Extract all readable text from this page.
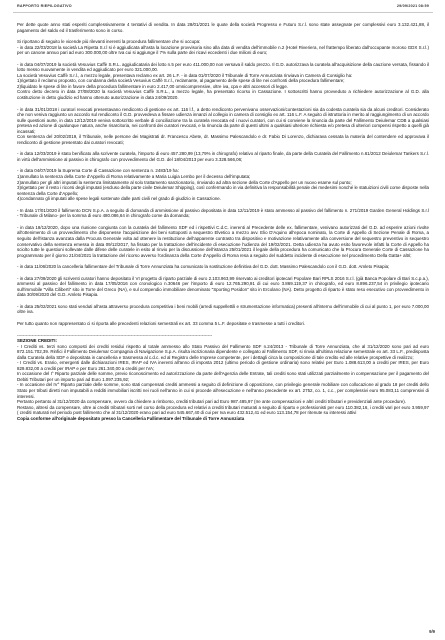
RAPPORTO RIEPILOGATIVO	29/09/2021 08:59
Per dette quote anno stati esperiti complessivamente 4 tentativi di vendita. In data 28/01/2021 le quote della società Progresso e Futuro S.r.l. sono state assegnate per complessivi euro 3.132.421,88, il pagamento del saldo ed il trasferimento sono in corso.
Si riportano di seguito le vicende più rilevanti inerenti la procedura fallimentare che si occupa:
- in data 22/03/2018 la società La Ripetta S.r.l si è aggiudicata all'asta la locazione provvisoria sino alla data di vendita dell'immobile n.2 (Hotel Riveriera, nel frattempo liberato dall'occupante moroso GDX S.r.l.) per un canone annuo pari ad euro 300.000,00 oltre Iva cui si aggiunge il 7% sulla parte dei ricavi eccedenti i due milioni di euro;
- in data 04/07/2019 la società Vesuvius Caffè S.R.L. aggiudicataria dei lotto n.5 per euro 411.000,00 non versava il saldo prezzo. Il G.D. autorizzava la curatela all'acquisizione della cauzione versata, fissando il lotto messo nuovamente in vendita ed aggiudicato per euro 321.000,00.
La società Vesuvius Caffè S.r.l., a mezzo legale, presentava reclamo ex art. 26 L.F. - in data 01/07/2020 il Tribunale di Torre Annunziata rinviava in Camera di Consiglio ha:
1)rigettato il reclamo proposto, con condanna della società Vesuvius Caffè S.r.l., reclamante, al pagamento delle spese di lite nei confronti della procedura fallimentare;
2)liquidato le spese di lite in favore della procedura fallimentare in euro 2.417,00 omnicomprensive, oltre iva, cpa e altri accessori di legge.
Contro detto decreto in data 27/08/2020 la società Vesuvius Caffè S.R.L., a mezzo legale, ha presentato ricorso in Cassazione. I sottoscritti hanno provveduto a richiedere autorizzazione al G.D. alla costituzione in detto giudizio ed hanno ottenuto autorizzazione in data 24/09/2020.
- in data 31/01/2018 i curatori revocati presentavano rendiconto di gestione ex art. 116 l.f., a detto rendiconto pervenivano osservazioni/contestazioni sia da codesta curatela sia da alcuni creditori. Considerato che non veniva raggiunto un accordo sul rendiconto il G.D. provvedeva a fissare udienza innanzi al collegio in camera di consiglio ex art. 116 L.F. A seguito di istruttoria in merito al raggiungimento di un accordo sulle questioni aurte, in data 12/12/2019 veniva sottoscritto verbale di conciliazione tra la curatela revocata ed i nuovi curatori, con cui si conviene la rinuncia da parte del Fallimento Deiulemar CDB a qualsiasi pretesa ed azione di qualunque natura, anche risarcitoria, nei confronti dei curatori revocati, e la rinuncia da parte di questi ultimi a qualsiasi ulteriore richiesta e/o pretesa di ulteriori compensi rispetto a quelli già incassati;
Con sentenza del 20/02/2019, il Tribunale, nelle persone dei Magistrati dr. Francesco Abete, dr. Massimo Palescandolo e dr. Fabio Di Lorenzo, dichiarava cessata la materia del contendere ed approvava il rendiconto di gestione presentato dai curatori revocati;
- in data 12/03/2019 è stato benificato alla scrivente curatela, l'importo di euro 457.280,99 (13,79% in chirografo) relativo al riparto finale, da parte della Curatela del Fallimento n.61/2012 Deiulemar Tankers S.r.l. in virtù dell'ammissione al passivo in chirografo con provvedimento del G.D. del 18/04/2013 per euro 3.328.566,06;
- in data 04/07/2019 la Suprema Corte di Cassazione con sentenza n. 2483/19 ha:
1)annullato la sentenza della Corte d'Appello di Roma relativamente a Maria Luigia Lembo per il decesso dell'imputata;
2)annullato per gli altri imputati la sentenza limitatamente al solo trattamento sanzionatorio, rinviando ad altra sezione della Corte d'Appello per un nuovo esame sul punto;
3)rigettato per il resto i ricorsi degli imputati (escluso della parte civile Deiulemar Shipping), così confermando in via definitiva la responsabilità penale dei medesimi nonché le statuizioni civili come disposte nella sentenza della Corte d'Appello;
4)condannato gli imputati alle spese legali sostenute dalle parti civili nel grado di giudizio in Cassazione.
- In data 17/01/2020 il fallimento DCN S.p.A. a seguito di domanda di ammissione al passivo depositata in data 12/11/2019 è stato ammesso al passivo del fallimento n. 271/2019 Garden General Holdings S.r.l - Tribunale di Milano- per la somma di euro 480.086,64 in chirografo come da domanda;
- in data 18/12/2020, dopo una riunione congiunta con la curatela del fallimento SDF ed i rispettivi C.d.C. inerenti al Precedente delle ex. fallimentare, venivano autorizzati del G.D. ad esperire azioni rivolte all'ottenimento di un provvedimento che disponesse l'acquisizione dei beni sottoposti a sequestro Elvetico a mezzo avv. Elio D'Aquino all'epoca nominato, la Corte di Appello di Sezione Penale di Roma, a seguito dell'istanza avanzata dalla Procura Generale volta ad ottenere la restituzione dell'apparente contrasto tra dispositivo e motivazione relativamente alla conversione del sequestro preventivo in sequestro conservativo della sentenza emessa in data 09/12/2017, ha fissato per la trattazione dell'incidente di esecuzione l'udienza del 19/02/2021. Detta udienza ha avuto esito favorevole infatti la Corte di Appello ha sciolto tutte le questioni sollevate dalle difese delle curatele in esito al rinvio per la discussione dell'istanza 25/01/2021 il legale della procedura ha comunicato che la Procura Generale Corte di Cassazione ha programmato per il giorno 21/04/2021 la trattazione del ricorso avverso l'ordinanza della Corte d'Appello di Roma resa a seguito del suddetto incidente di esecuzione nel procedimento Della Gatta+ altri;
- in data 11/06/2020 la cancelleria fallimentare del Tribunale di Torre Annunziata ha comunicato la sostituzione definitiva del G.D. dott. Massimo Palescandolo con il G.D. dott. Amleto Pisapia;
- in data 27/09/2020 gli scriventi curatori hanno depositato il VI progetto di riparto parziale di euro 2.103.963,99 riservato ai creditori ipotecari Popolare Bari RPLS 2016 S.r.l. (già Banca Popolare di Bari S.c.p.a.), ammessi al passivo del fallimento in data 17/05/2016 con cronologico n.30646 per l'importo di euro 12.765.290,91 di cui euro 3.869.119,37 in chirografo, ed euro 8.896.237,54 in privilegio ipotecario sull'immobile "Villa Ciliberti" sito in Torre del Greco (NA), e sul compendio immobiliare denominato "Sporting Posidon" sito in Ercolano (NA). Detto progetto di riparto è stato reso esecutivo con provvedimento in data 30/09/2020 del G.D. Amleto Pisapia.
- in data 25/02/2021 sono stati venduti all'asta attraverso procedura competitiva i beni mobili (arredi suppellettili e strumentazione informatica) presenti all'interno dell'immobile di cui al punto 1, per euro 7.000,00 oltre iva.
Per tutto quanto non rappresentato ci si riporta alle precedenti relazioni semestrali ex art. 33 comma 5 L.F. depositate e trasmesse a tutti i creditori.
------------------------------------------------------------------------------------------------------------------------------------
SEZIONE CREDITI:
- I Crediti vs. terzi sono composti dei crediti residui rispetto al totale ammesso allo Stato Passivo del Fallimento SDF n.24/2013 - Tribunale di Torre Annunziata, che al 31/12/2020 sono pari ad euro 872.151.702,39. Rinfici il Fallimento Deiulemar Compagnia di Navigazione S.p.A. risulta iscrizionaria dipendente e collegato al Fallimento SDF, si rinvia all'ultima relazione semestrale ex art. 33 L.F., predisposta dalla Curatela della SDF e depositata in cancelleria e trasmessa al c.d.c. ed al Registro delle Imprese competente, per i dettagli circa la composizione di tale credito ed alle relative prospettive di realizzo;
- I Crediti vs. Erario, emergenti dalle dichiarazioni IRES, IRAP ed IVA inerenti all'anno di imposta 2012 (ultimo periodo di gestione ordinaria) sono relativi per Euro 1.088.613,00 a crediti per IRES, per Euro 829.832,00 a crediti per IRAP e per Euro 261.340,00 a crediti per IVA;
In occasione del I° Riparto parziale delle somme, previo riconoscimento ed autorizzazione da parte dell'Agenzia delle Entrate, tali crediti sono stati utilizzati parzialmente in compensazione per il pagamento del Debiti Tributari per un importo pari ad Euro 1.097.235,92;
- In occasione del IV° Riparto parziale delle somme, sono stati compensati crediti ammessi a seguito di definizione di opposizione, con privilegio generale mobiliare con collocazione al grado 18 per crediti dello Stato per tributi diretti non imputabili a redditi immobiliari iscritti nei ruoli nell'anno in cui si procede all'esecuzione e nell'anno precedente ex art. 2752, co. 1, c.c., per complessivi euro 95.083,11 comprensivi di interessi.
Pertanto pertanto al 31/12/2020 da compensare, ovvero da chiedere a rimborso, crediti tributari pari ad Euro 987.485,97 (Ire ante compensazioni e altri crediti tributari e previdenziali ante procedure).
Restano, altresì da compensare, oltre ai crediti tributari sorti nel corso della procedura ed relativi a crediti tributari maturati a seguito di riparto e professionisti per euro 110.382,16, i crediti vari per euro 3.959,97 ( crediti maturati nel periodo post fallimento che al 31/12/2020 erano pari ad euro 545.667,40 di cui per Iva euro 432.512,41 ed euro 113.154,78 per ritenute su interessi attivi
Copia conforme all'originale depositato presso la Cancelleria Fallimentare del Tribunale di Torre Annunziata
9/9
